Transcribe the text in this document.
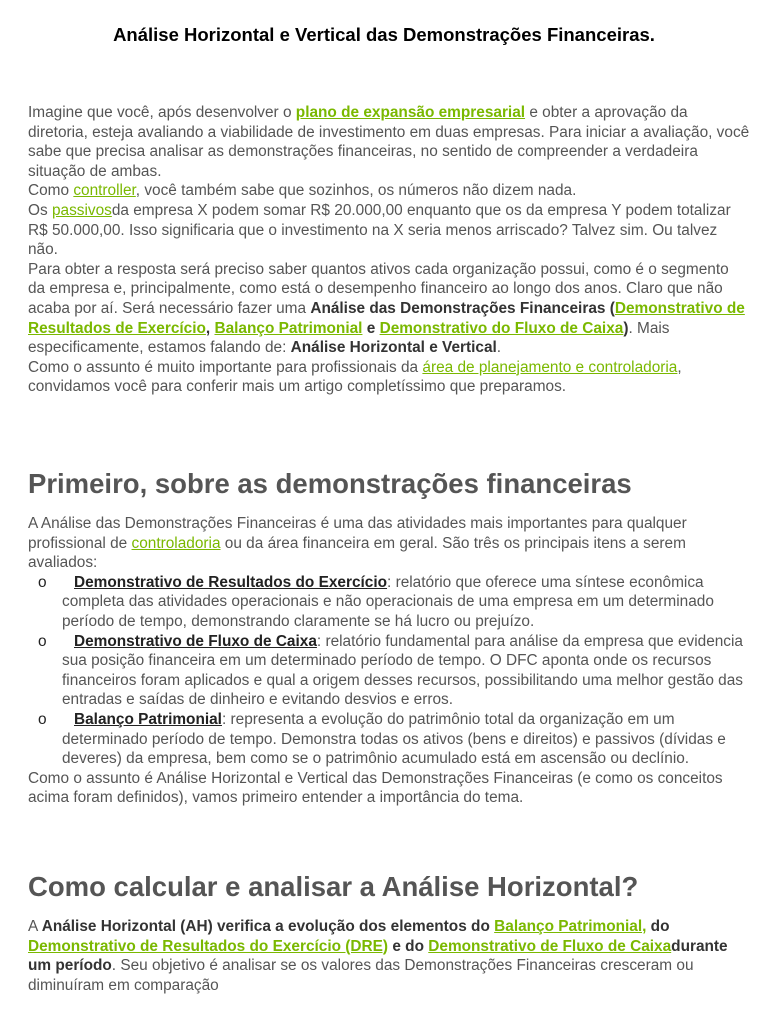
Análise Horizontal e Vertical das Demonstrações Financeiras.

Imagine que você, após desenvolver o plano de expansão empresarial e obter a aprovação da diretoria, esteja avaliando a viabilidade de investimento em duas empresas. Para iniciar a avaliação, você sabe que precisa analisar as demonstrações financeiras, no sentido de compreender a verdadeira situação de ambas.

Como controller, você também sabe que sozinhos, os números não dizem nada.

Os passivosda empresa X podem somar R$ 20.000,00 enquanto que os da empresa Y podem totalizar R$ 50.000,00. Isso significaria que o investimento na X seria menos arriscado? Talvez sim. Ou talvez não.

Para obter a resposta será preciso saber quantos ativos cada organização possui, como é o segmento da empresa e, principalmente, como está o desempenho financeiro ao longo dos anos. Claro que não acaba por aí. Será necessário fazer uma Análise das Demonstrações Financeiras (Demonstrativo de Resultados de Exercício, Balanço Patrimonial e Demonstrativo do Fluxo de Caixa). Mais especificamente, estamos falando de: Análise Horizontal e Vertical.

Como o assunto é muito importante para profissionais da área de planejamento e controladoria, convidamos você para conferir mais um artigo completíssimo que preparamos.

Primeiro, sobre as demonstrações financeiras

A Análise das Demonstrações Financeiras é uma das atividades mais importantes para qualquer profissional de controladoria ou da área financeira em geral. São três os principais itens a serem avaliados:

o Demonstrativo de Resultados do Exercício: relatório que oferece uma síntese econômica completa das atividades operacionais e não operacionais de uma empresa em um determinado período de tempo, demonstrando claramente se há lucro ou prejuízo.
o Demonstrativo de Fluxo de Caixa: relatório fundamental para análise da empresa que evidencia sua posição financeira em um determinado período de tempo. O DFC aponta onde os recursos financeiros foram aplicados e qual a origem desses recursos, possibilitando uma melhor gestão das entradas e saídas de dinheiro e evitando desvios e erros.
o Balanço Patrimonial: representa a evolução do patrimônio total da organização em um determinado período de tempo. Demonstra todas os ativos (bens e direitos) e passivos (dívidas e deveres) da empresa, bem como se o patrimônio acumulado está em ascensão ou declínio.

Como o assunto é Análise Horizontal e Vertical das Demonstrações Financeiras (e como os conceitos acima foram definidos), vamos primeiro entender a importância do tema.

Como calcular e analisar a Análise Horizontal?

A Análise Horizontal (AH) verifica a evolução dos elementos do Balanço Patrimonial, do Demonstrativo de Resultados do Exercício (DRE) e do Demonstrativo de Fluxo de Caixadurante um período. Seu objetivo é analisar se os valores das Demonstrações Financeiras cresceram ou diminuíram em comparação
